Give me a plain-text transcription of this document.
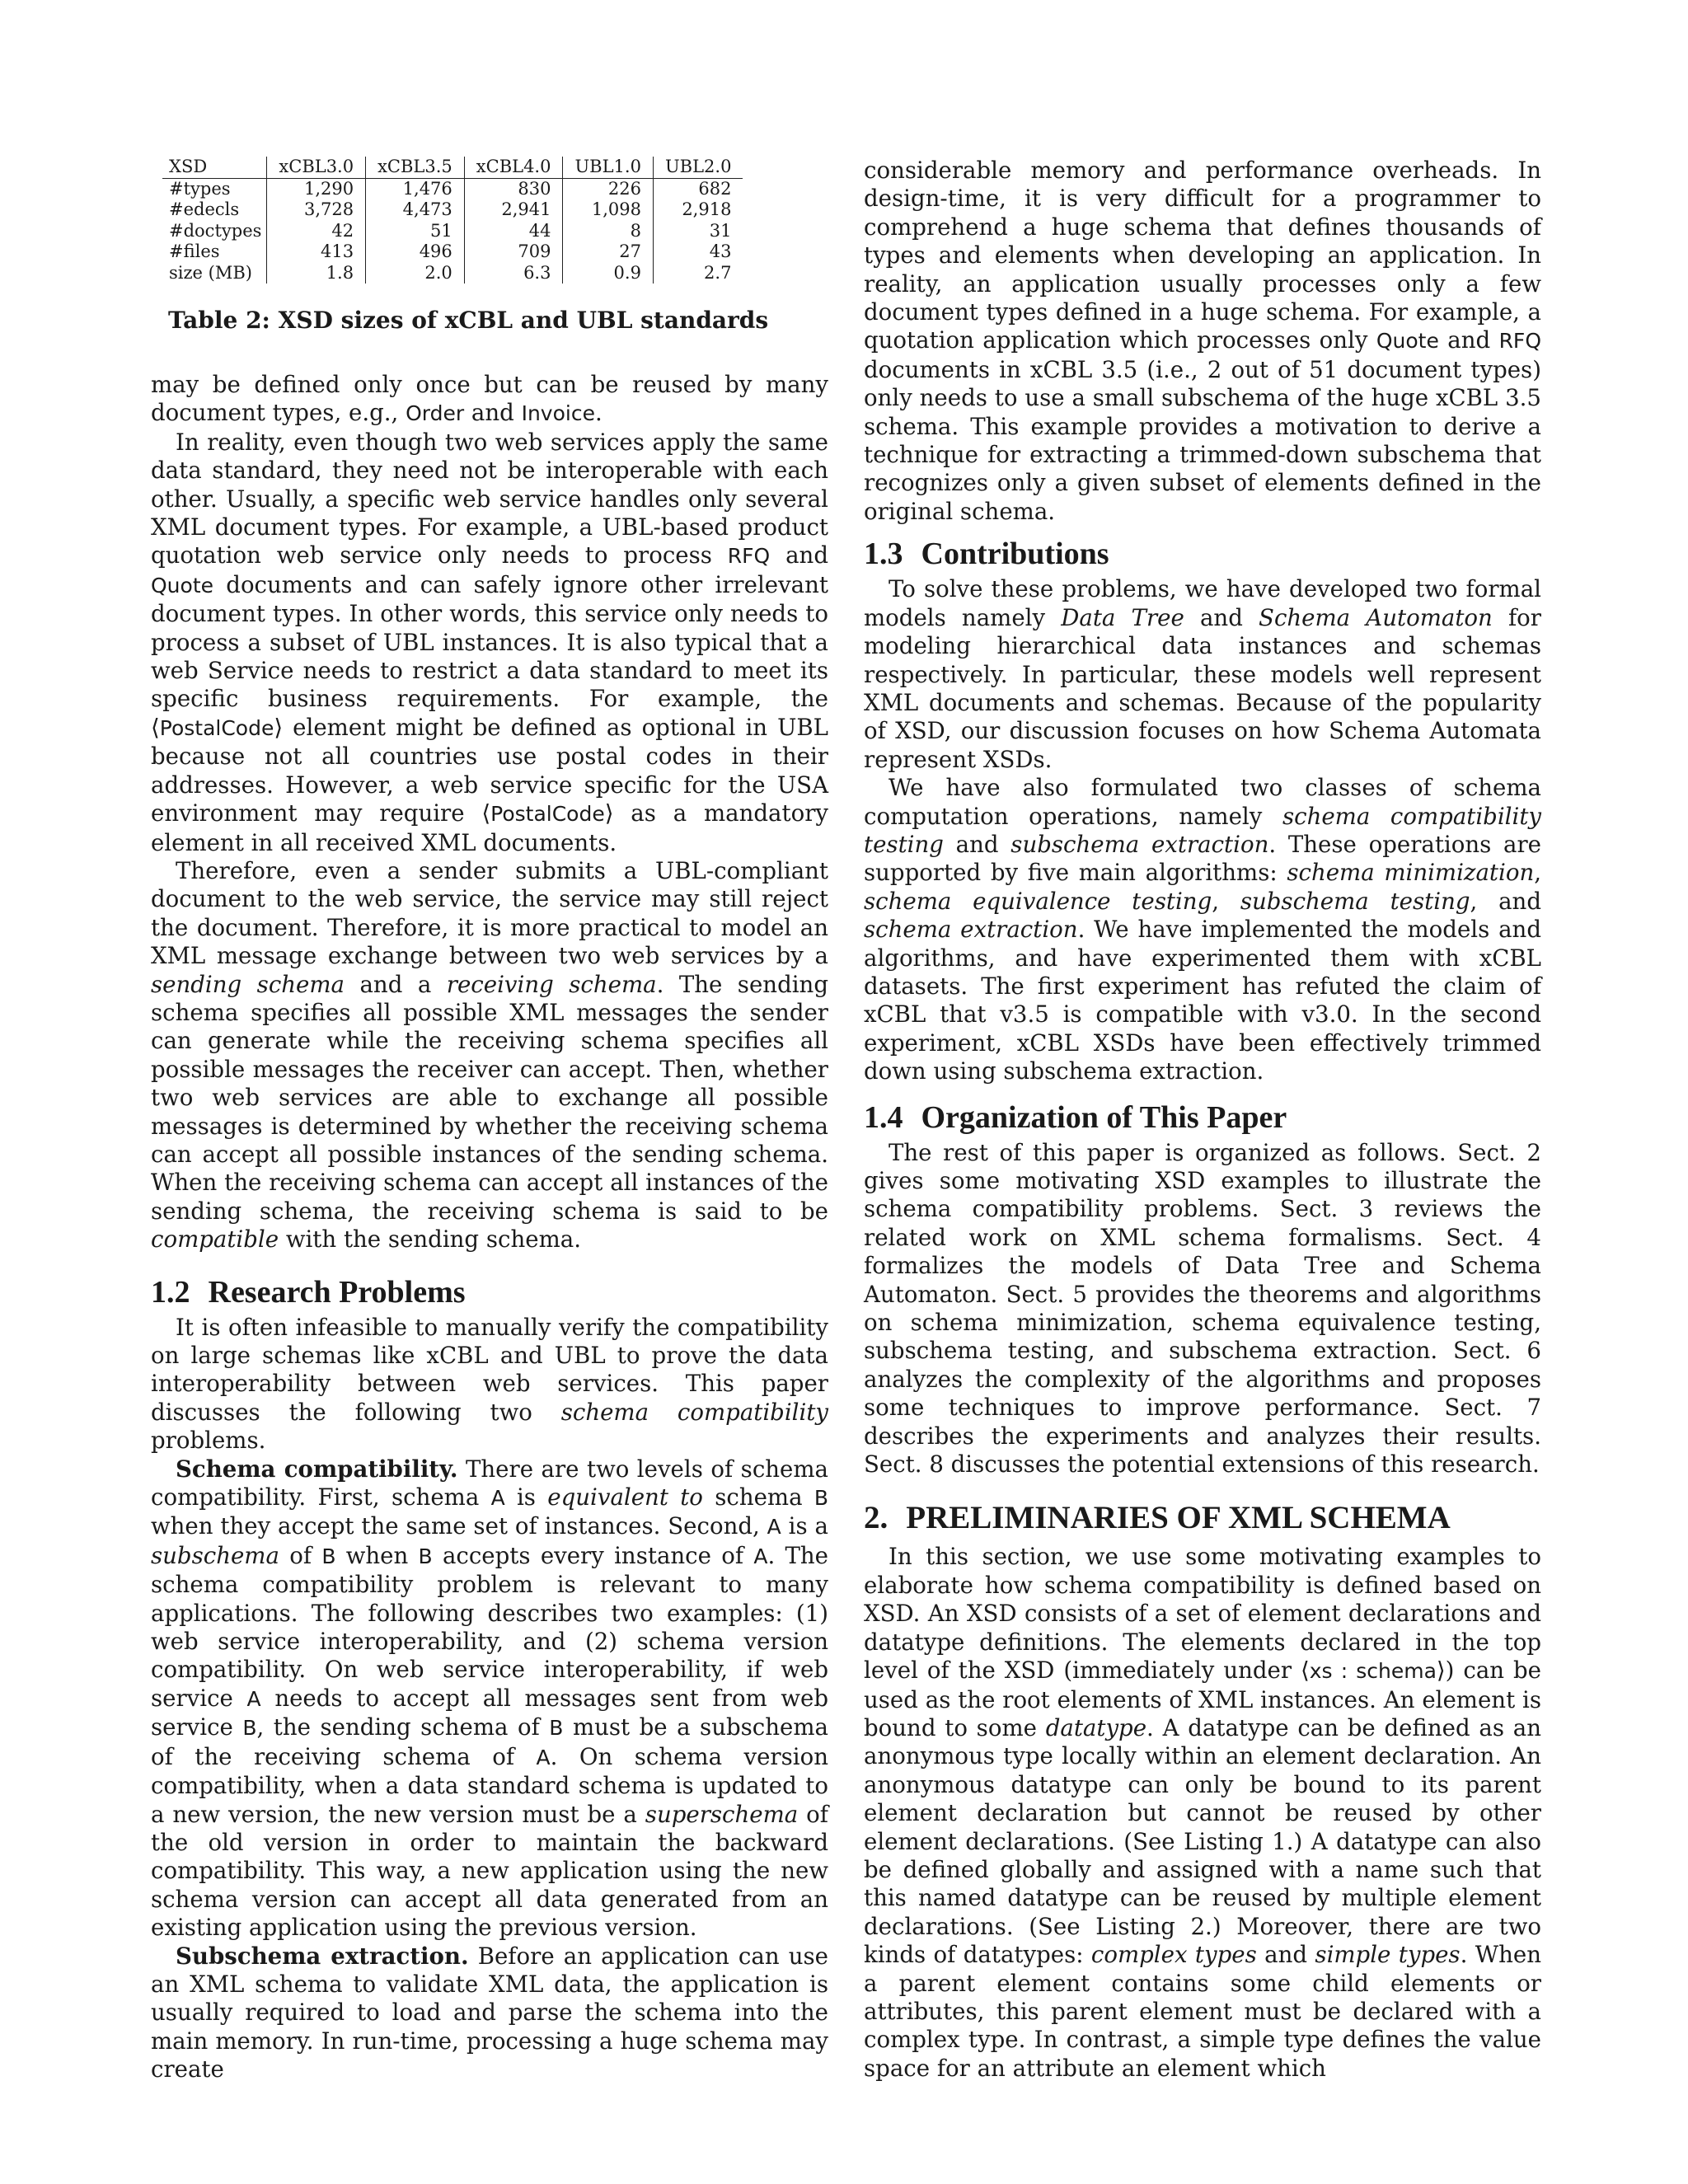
XSD	xCBL3.0	xCBL3.5	xCBL4.0	UBL1.0	UBL2.0
#types	1,290	1,476	830	226	682
#edecls	3,728	4,473	2,941	1,098	2,918
#doctypes	42	51	44	8	31
#files	413	496	709	27	43
size (MB)	1.8	2.0	6.3	0.9	2.7
Table 2: XSD sizes of xCBL and UBL standards

may be defined only once but can be reused by many document types, e.g., Order and Invoice.

In reality, even though two web services apply the same data standard, they need not be interoperable with each other. Usually, a specific web service handles only several XML document types. For example, a UBL-based product quotation web service only needs to process RFQ and Quote documents and can safely ignore other irrelevant document types. In other words, this service only needs to process a subset of UBL instances. It is also typical that a web Service needs to restrict a data standard to meet its specific business requirements. For example, the ⟨PostalCode⟩ element might be defined as optional in UBL because not all countries use postal codes in their addresses. However, a web service specific for the USA environment may require ⟨PostalCode⟩ as a mandatory element in all received XML documents.

Therefore, even a sender submits a UBL-compliant document to the web service, the service may still reject the document. Therefore, it is more practical to model an XML message exchange between two web services by a sending schema and a receiving schema. The sending schema specifies all possible XML messages the sender can generate while the receiving schema specifies all possible messages the receiver can accept. Then, whether two web services are able to exchange all possible messages is determined by whether the receiving schema can accept all possible instances of the sending schema. When the receiving schema can accept all instances of the sending schema, the receiving schema is said to be compatible with the sending schema.

1.2 Research Problems

It is often infeasible to manually verify the compatibility on large schemas like xCBL and UBL to prove the data interoperability between web services. This paper discusses the following two schema compatibility problems.

Schema compatibility. There are two levels of schema compatibility. First, schema A is equivalent to schema B when they accept the same set of instances. Second, A is a subschema of B when B accepts every instance of A. The schema compatibility problem is relevant to many applications. The following describes two examples: (1) web service interoperability, and (2) schema version compatibility. On web service interoperability, if web service A needs to accept all messages sent from web service B, the sending schema of B must be a subschema of the receiving schema of A. On schema version compatibility, when a data standard schema is updated to a new version, the new version must be a superschema of the old version in order to maintain the backward compatibility. This way, a new application using the new schema version can accept all data generated from an existing application using the previous version.

Subschema extraction. Before an application can use an XML schema to validate XML data, the application is usually required to load and parse the schema into the main memory. In run-time, processing a huge schema may create

considerable memory and performance overheads. In design-time, it is very difficult for a programmer to comprehend a huge schema that defines thousands of types and elements when developing an application. In reality, an application usually processes only a few document types defined in a huge schema. For example, a quotation application which processes only Quote and RFQ documents in xCBL 3.5 (i.e., 2 out of 51 document types) only needs to use a small subschema of the huge xCBL 3.5 schema. This example provides a motivation to derive a technique for extracting a trimmed-down subschema that recognizes only a given subset of elements defined in the original schema.

1.3 Contributions

To solve these problems, we have developed two formal models namely Data Tree and Schema Automaton for modeling hierarchical data instances and schemas respectively. In particular, these models well represent XML documents and schemas. Because of the popularity of XSD, our discussion focuses on how Schema Automata represent XSDs.

We have also formulated two classes of schema computation operations, namely schema compatibility testing and subschema extraction. These operations are supported by five main algorithms: schema minimization, schema equivalence testing, subschema testing, and schema extraction. We have implemented the models and algorithms, and have experimented them with xCBL datasets. The first experiment has refuted the claim of xCBL that v3.5 is compatible with v3.0. In the second experiment, xCBL XSDs have been effectively trimmed down using subschema extraction.

1.4 Organization of This Paper

The rest of this paper is organized as follows. Sect. 2 gives some motivating XSD examples to illustrate the schema compatibility problems. Sect. 3 reviews the related work on XML schema formalisms. Sect. 4 formalizes the models of Data Tree and Schema Automaton. Sect. 5 provides the theorems and algorithms on schema minimization, schema equivalence testing, subschema testing, and subschema extraction. Sect. 6 analyzes the complexity of the algorithms and proposes some techniques to improve performance. Sect. 7 describes the experiments and analyzes their results. Sect. 8 discusses the potential extensions of this research.

2. PRELIMINARIES OF XML SCHEMA

In this section, we use some motivating examples to elaborate how schema compatibility is defined based on XSD. An XSD consists of a set of element declarations and datatype definitions. The elements declared in the top level of the XSD (immediately under ⟨xs : schema⟩) can be used as the root elements of XML instances. An element is bound to some datatype. A datatype can be defined as an anonymous type locally within an element declaration. An anonymous datatype can only be bound to its parent element declaration but cannot be reused by other element declarations. (See Listing 1.) A datatype can also be defined globally and assigned with a name such that this named datatype can be reused by multiple element declarations. (See Listing 2.) Moreover, there are two kinds of datatypes: complex types and simple types. When a parent element contains some child elements or attributes, this parent element must be declared with a complex type. In contrast, a simple type defines the value space for an attribute an element which
